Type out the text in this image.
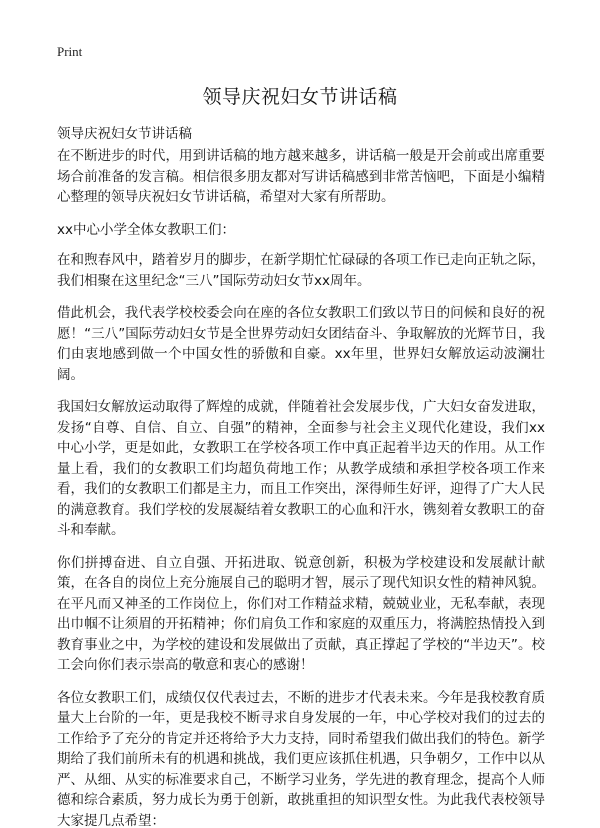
Print
领导庆祝妇女节讲话稿
领导庆祝妇女节讲话稿

在不断进步的时代，用到讲话稿的地方越来越多，讲话稿一般是开会前或出席重要场合前准备的发言稿。相信很多朋友都对写讲话稿感到非常苦恼吧，下面是小编精心整理的领导庆祝妇女节讲话稿，希望对大家有所帮助。

xx中心小学全体女教职工们：

在和煦春风中，踏着岁月的脚步，在新学期忙忙碌碌的各项工作已走向正轨之际，我们相聚在这里纪念“三八”国际劳动妇女节xx周年。

借此机会，我代表学校校委会向在座的各位女教职工们致以节日的问候和良好的祝愿！“三八”国际劳动妇女节是全世界劳动妇女团结奋斗、争取解放的光辉节日，我们由衷地感到做一个中国女性的骄傲和自豪。xx年里，世界妇女解放运动波澜壮阔。

我国妇女解放运动取得了辉煌的成就，伴随着社会发展步伐，广大妇女奋发进取，发扬“自尊、自信、自立、自强”的精神，全面参与社会主义现代化建设，我们xx中心小学，更是如此，女教职工在学校各项工作中真正起着半边天的作用。从工作量上看，我们的女教职工们均超负荷地工作；从教学成绩和承担学校各项工作来看，我们的女教职工们都是主力，而且工作突出，深得师生好评，迎得了广大人民的满意教育。我们学校的发展凝结着女教职工的心血和汗水，镌刻着女教职工的奋斗和奉献。

你们拼搏奋进、自立自强、开拓进取、锐意创新，积极为学校建设和发展献计献策，在各自的岗位上充分施展自己的聪明才智，展示了现代知识女性的精神风貌。在平凡而又神圣的工作岗位上，你们对工作精益求精，兢兢业业，无私奉献，表现出巾帼不让须眉的开拓精神；你们肩负工作和家庭的双重压力，将满腔热情投入到教育事业之中，为学校的建设和发展做出了贡献，真正撑起了学校的“半边天”。校工会向你们表示崇高的敬意和衷心的感谢！

各位女教职工们，成绩仅仅代表过去，不断的进步才代表未来。今年是我校教育质量大上台阶的一年，更是我校不断寻求自身发展的一年，中心学校对我们的过去的工作给予了充分的肯定并还将给予大力支持，同时希望我们做出我们的特色。新学期给了我们前所未有的机遇和挑战，我们更应该抓住机遇，只争朝夕，工作中以从严、从细、从实的标准要求自己，不断学习业务，学先进的教育理念，提高个人师德和综合素质，努力成长为勇于创新，敢挑重担的知识型女性。为此我代表校领导大家提几点希望：
